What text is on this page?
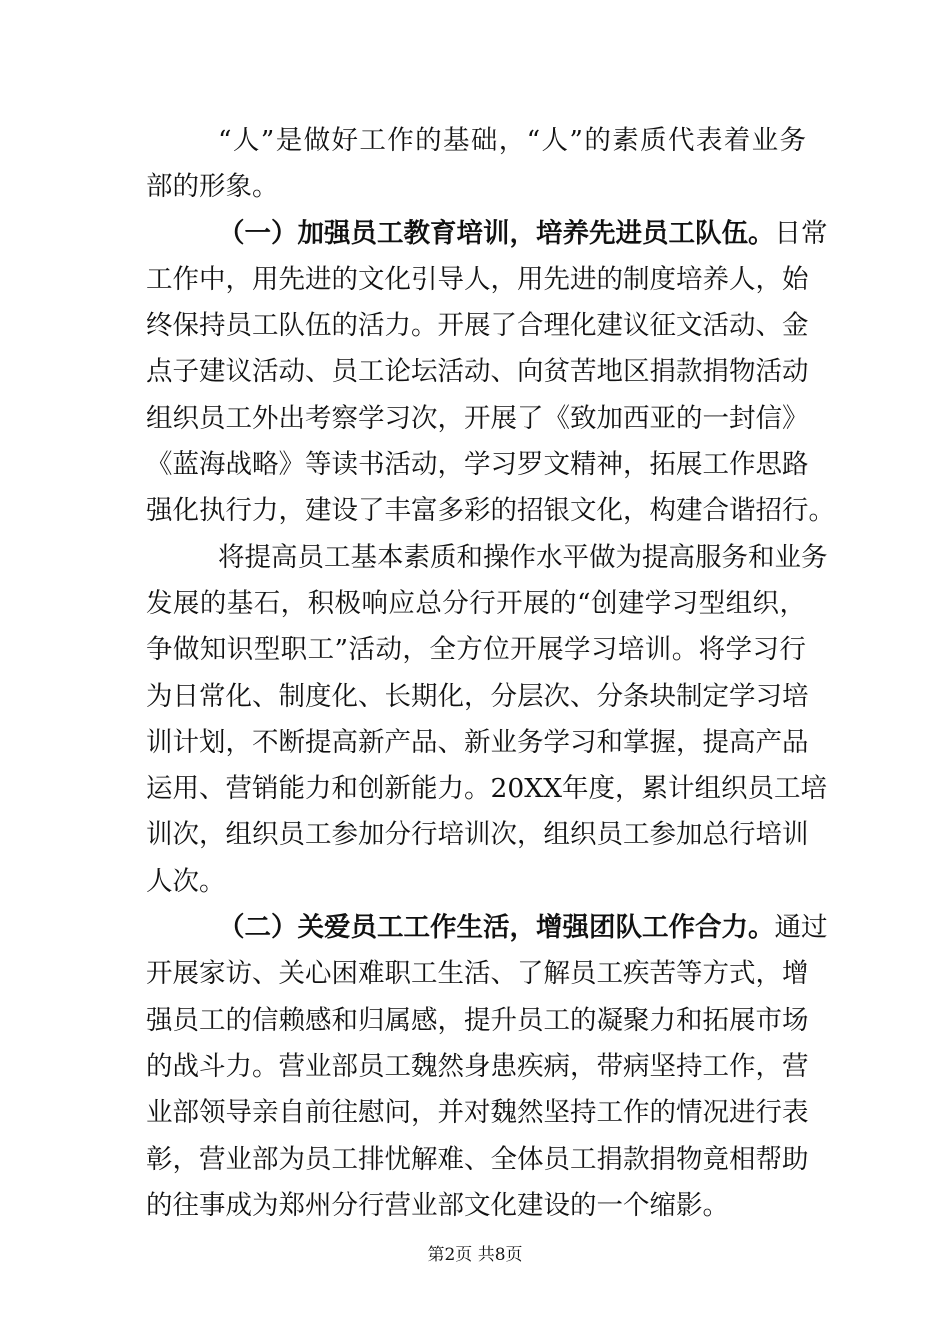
“人”是做好工作的基础，“人”的素质代表着业务
部的形象。
（一）加强员工教育培训，培养先进员工队伍。日常
工作中，用先进的文化引导人，用先进的制度培养人，始
终保持员工队伍的活力。开展了合理化建议征文活动、金
点子建议活动、员工论坛活动、向贫苦地区捐款捐物活动
组织员工外出考察学习次，开展了《致加西亚的一封信》
《蓝海战略》等读书活动，学习罗文精神，拓展工作思路
强化执行力，建设了丰富多彩的招银文化，构建合谐招行。
将提高员工基本素质和操作水平做为提高服务和业务
发展的基石，积极响应总分行开展的“创建学习型组织，
争做知识型职工”活动，全方位开展学习培训。将学习行
为日常化、制度化、长期化，分层次、分条块制定学习培
训计划，不断提高新产品、新业务学习和掌握，提高产品
运用、营销能力和创新能力。20XX年度，累计组织员工培
训次，组织员工参加分行培训次，组织员工参加总行培训
人次。
（二）关爱员工工作生活，增强团队工作合力。通过
开展家访、关心困难职工生活、了解员工疾苦等方式，增
强员工的信赖感和归属感，提升员工的凝聚力和拓展市场
的战斗力。营业部员工魏然身患疾病，带病坚持工作，营
业部领导亲自前往慰问，并对魏然坚持工作的情况进行表
彰，营业部为员工排忧解难、全体员工捐款捐物竟相帮助
的往事成为郑州分行营业部文化建设的一个缩影。
第2页 共8页
